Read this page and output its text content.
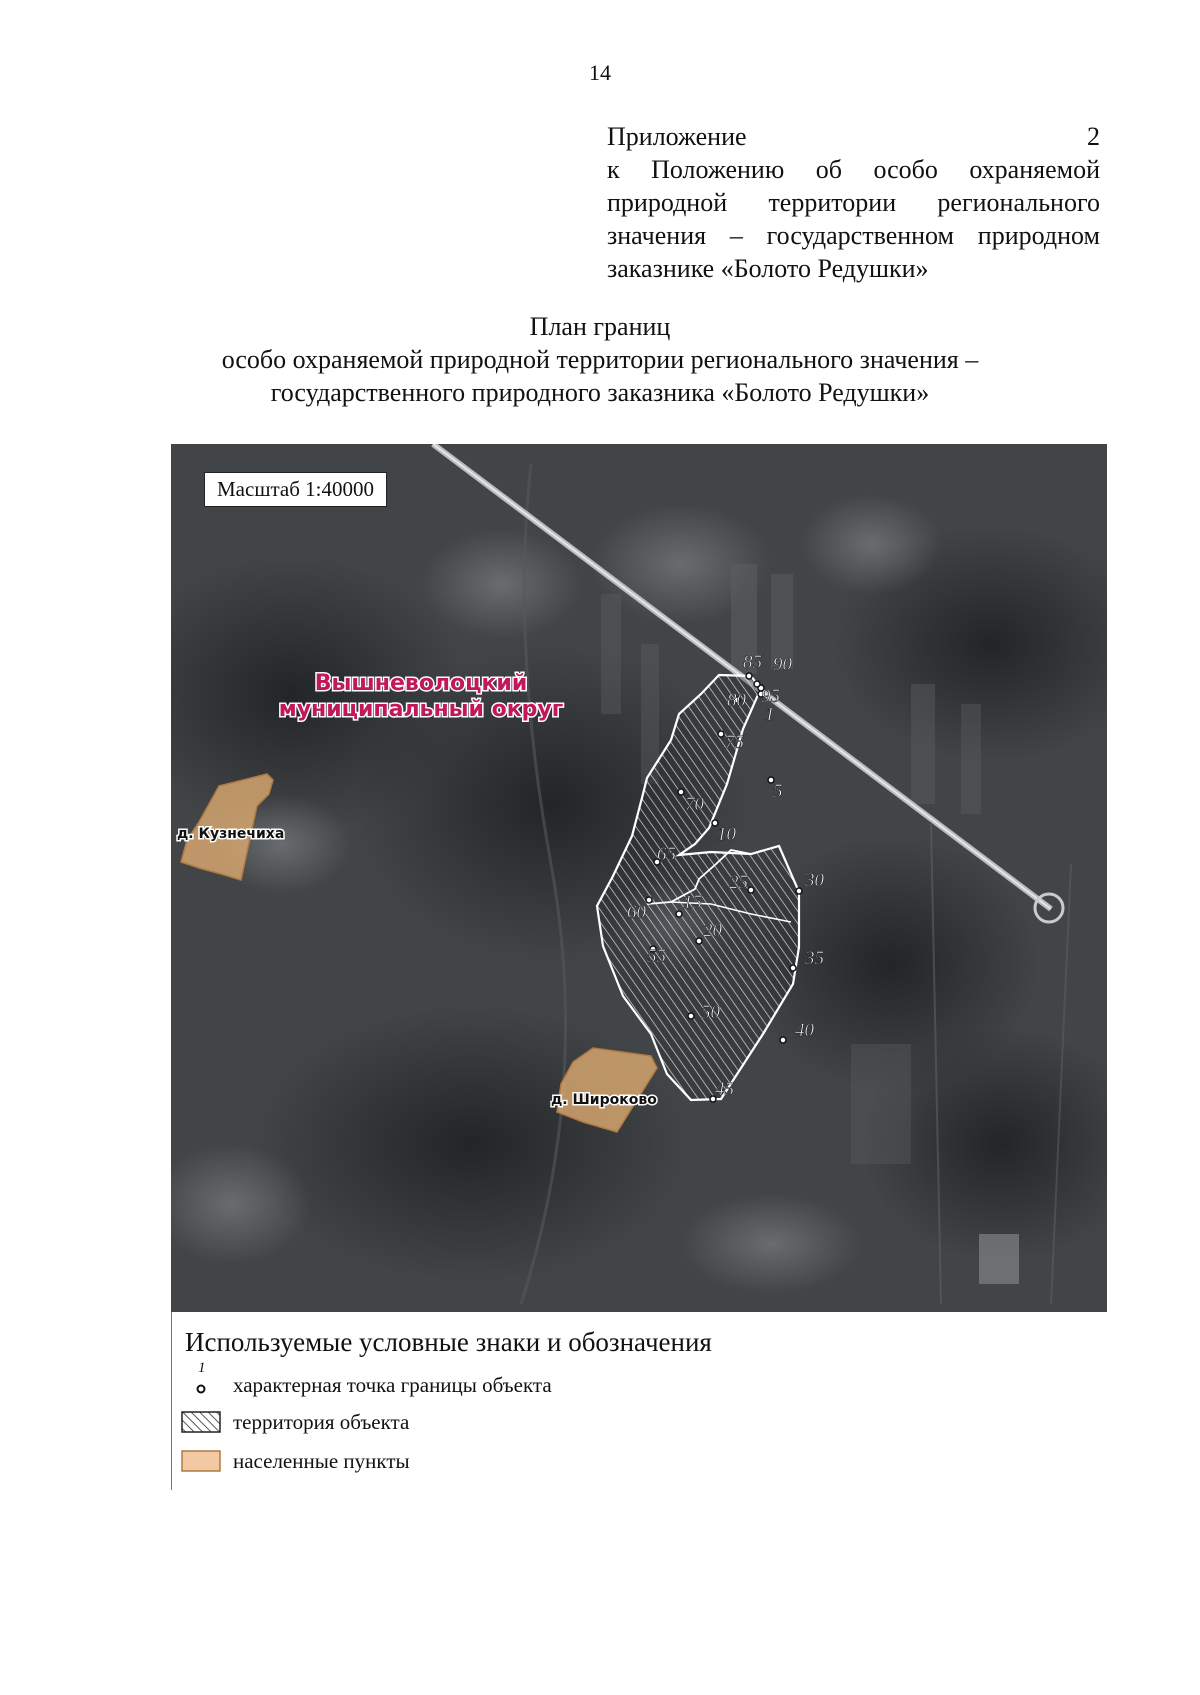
14
Приложение 2
к Положению об особо охраняемой
природной территории регионального
значения – государственном природном
заказнике «Болото Редушки»
План границ
особо охраняемой природной территории регионального значения –
государственного природного заказника «Болото Редушки»
1
5
10
15
20
25	30
35
40
45
50
55
60
65
70
75
80
85 90
95
Вышневолоцкий
муниципальный округ
д. Кузнечиха
д. Широково
Масштаб 1:40000
Используемые условные знаки и обозначения
1
характерная точка границы объекта
территория объекта
населенные пункты
